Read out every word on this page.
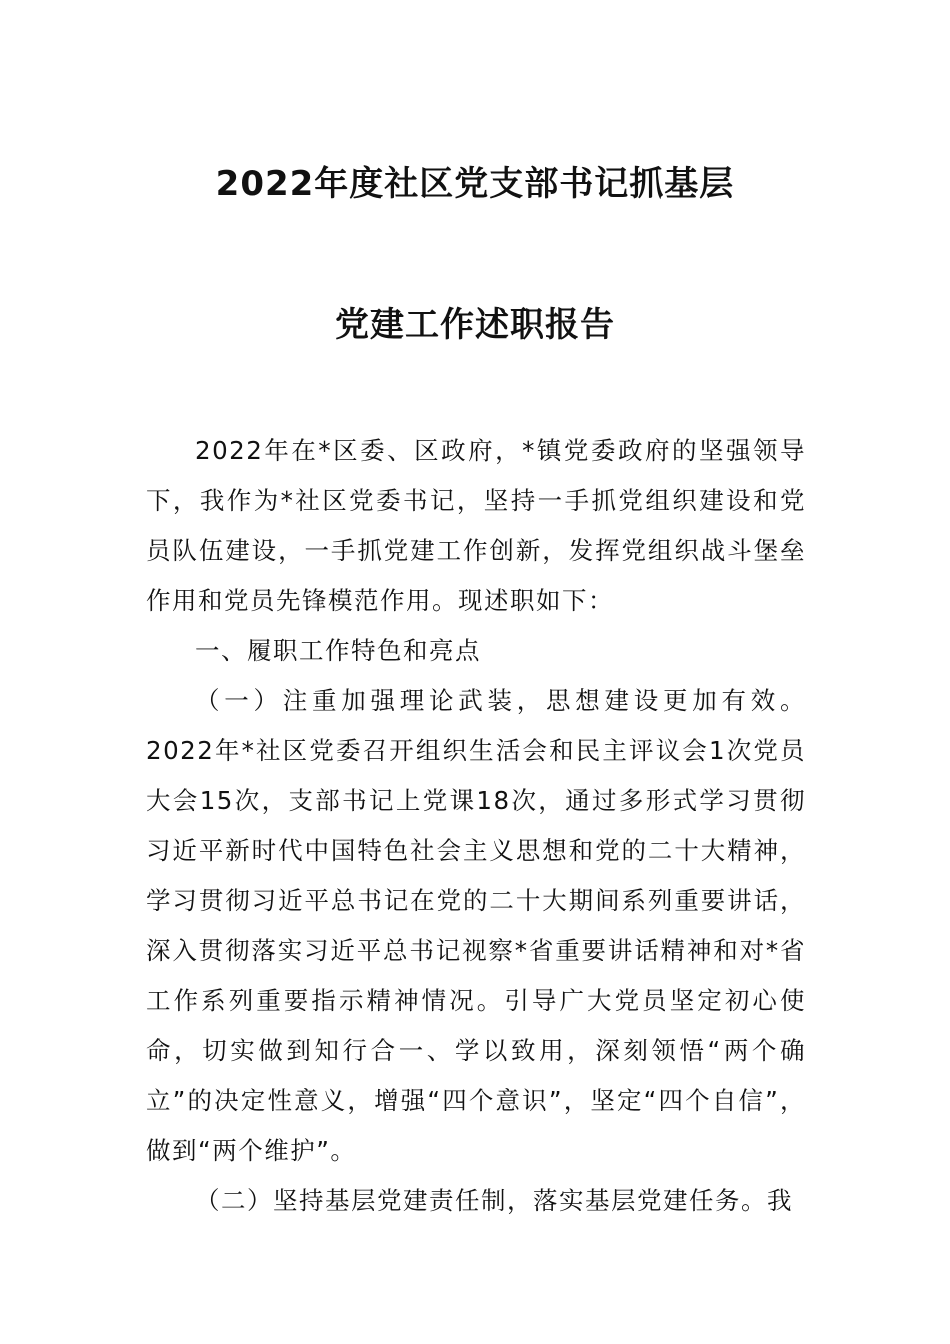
2022年度社区党支部书记抓基层
党建工作述职报告

2022年在*区委、区政府，*镇党委政府的坚强领导下，我作为*社区党委书记，坚持一手抓党组织建设和党员队伍建设，一手抓党建工作创新，发挥党组织战斗堡垒作用和党员先锋模范作用。现述职如下：

一、履职工作特色和亮点

（一）注重加强理论武装，思想建设更加有效。2022年*社区党委召开组织生活会和民主评议会1次党员大会15次，支部书记上党课18次，通过多形式学习贯彻习近平新时代中国特色社会主义思想和党的二十大精神，学习贯彻习近平总书记在党的二十大期间系列重要讲话，深入贯彻落实习近平总书记视察*省重要讲话精神和对*省工作系列重要指示精神情况。引导广大党员坚定初心使命，切实做到知行合一、学以致用，深刻领悟“两个确立”的决定性意义，增强“四个意识”，坚定“四个自信”，做到“两个维护”。

（二）坚持基层党建责任制，落实基层党建任务。我
